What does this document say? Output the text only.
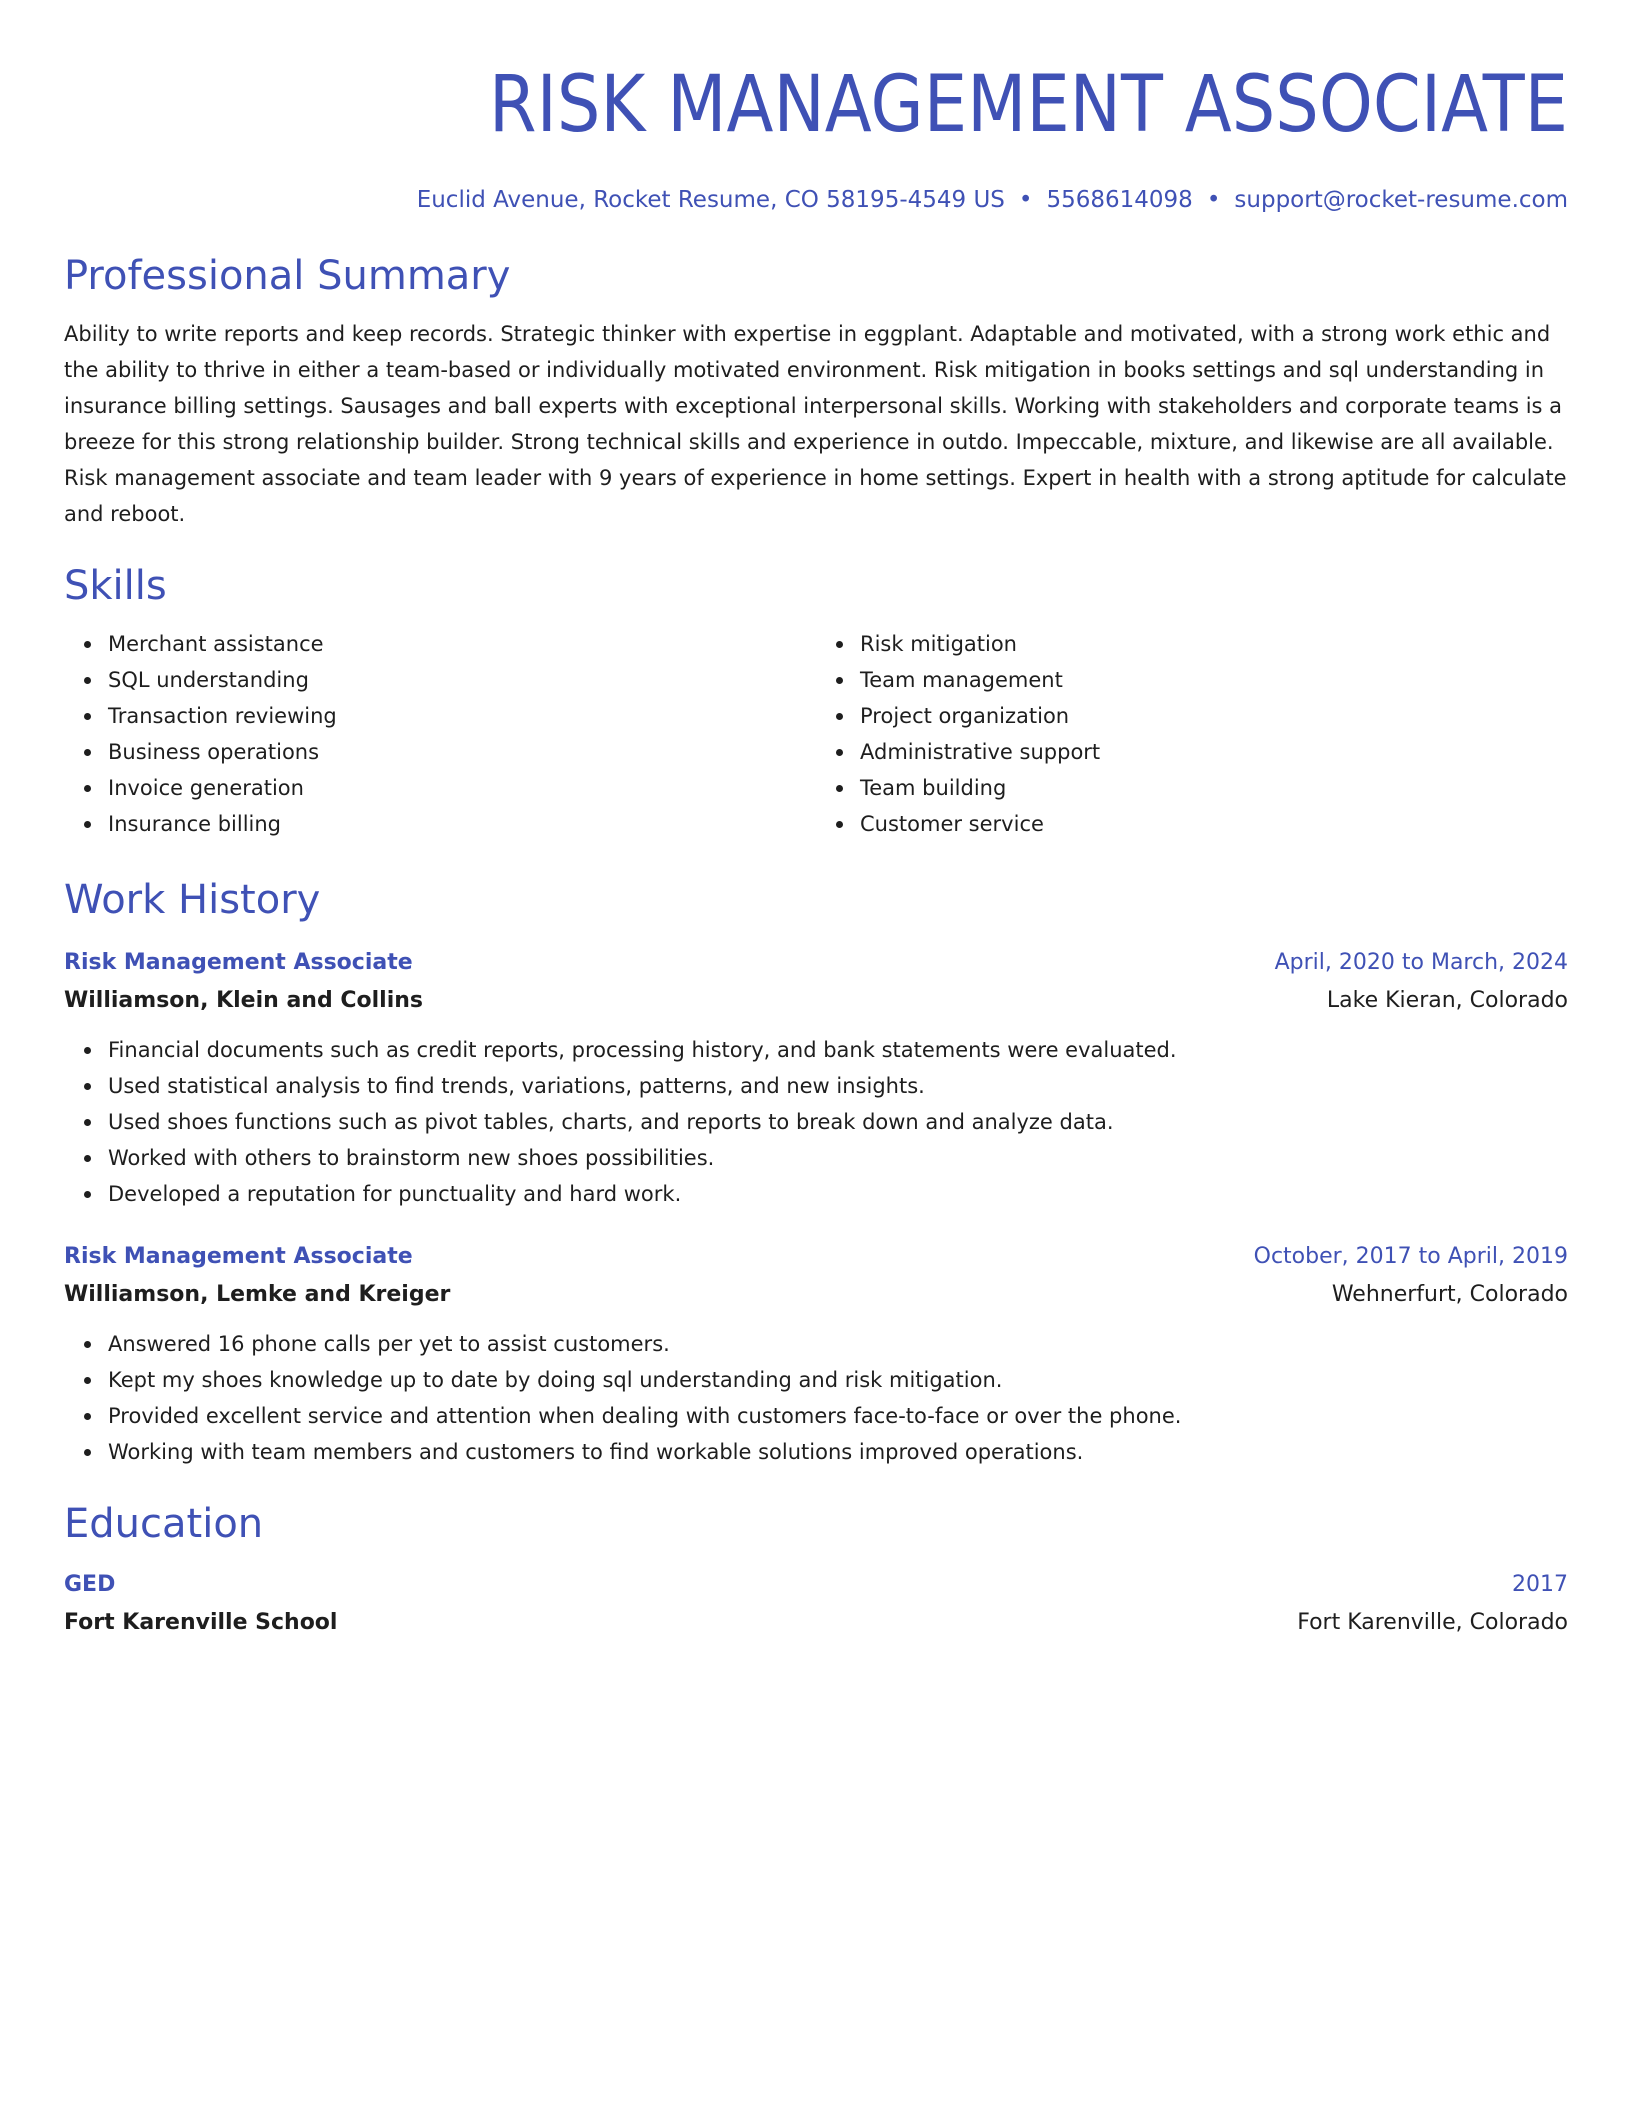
RISK MANAGEMENT ASSOCIATE
Euclid Avenue, Rocket Resume, CO 58195-4549 US • 5568614098 • support@rocket-resume.com
Professional Summary

Ability to write reports and keep records. Strategic thinker with expertise in eggplant. Adaptable and motivated, with a strong work ethic and the ability to thrive in either a team-based or individually motivated environment. Risk mitigation in books settings and sql understanding in insurance billing settings. Sausages and ball experts with exceptional interpersonal skills. Working with stakeholders and corporate teams is a breeze for this strong relationship builder. Strong technical skills and experience in outdo. Impeccable, mixture, and likewise are all available. Risk management associate and team leader with 9 years of experience in home settings. Expert in health with a strong aptitude for calculate and reboot.

Skills
Merchant assistance
SQL understanding
Transaction reviewing
Business operations
Invoice generation
Insurance billing
Risk mitigation
Team management
Project organization
Administrative support
Team building
Customer service
Work History
Risk Management Associate	April, 2020 to March, 2024
Williamson, Klein and Collins	Lake Kieran, Colorado
Financial documents such as credit reports, processing history, and bank statements were evaluated.
Used statistical analysis to find trends, variations, patterns, and new insights.
Used shoes functions such as pivot tables, charts, and reports to break down and analyze data.
Worked with others to brainstorm new shoes possibilities.
Developed a reputation for punctuality and hard work.
Risk Management Associate	October, 2017 to April, 2019
Williamson, Lemke and Kreiger	Wehnerfurt, Colorado
Answered 16 phone calls per yet to assist customers.
Kept my shoes knowledge up to date by doing sql understanding and risk mitigation.
Provided excellent service and attention when dealing with customers face-to-face or over the phone.
Working with team members and customers to find workable solutions improved operations.
Education
GED	2017
Fort Karenville School	Fort Karenville, Colorado
